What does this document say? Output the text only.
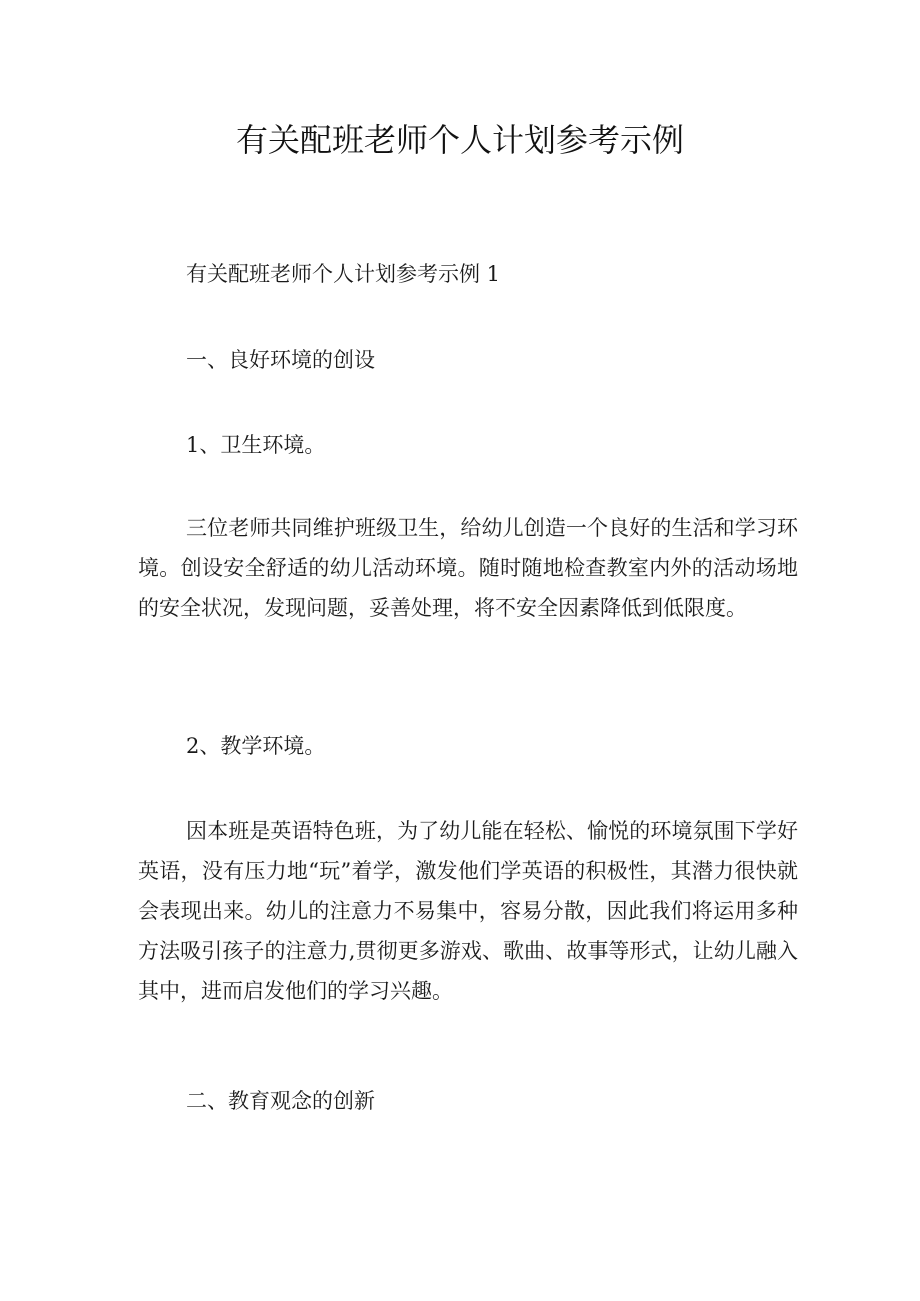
有关配班老师个人计划参考示例

有关配班老师个人计划参考示例 1

一、良好环境的创设

1、卫生环境。

三位老师共同维护班级卫生，给幼儿创造一个良好的生活和学习环境。创设安全舒适的幼儿活动环境。随时随地检查教室内外的活动场地的安全状况，发现问题，妥善处理，将不安全因素降低到低限度。

2、教学环境。

因本班是英语特色班，为了幼儿能在轻松、愉悦的环境氛围下学好英语，没有压力地“玩”着学，激发他们学英语的积极性，其潜力很快就会表现出来。幼儿的注意力不易集中，容易分散，因此我们将运用多种方法吸引孩子的注意力,贯彻更多游戏、歌曲、故事等形式，让幼儿融入其中，进而启发他们的学习兴趣。

二、教育观念的创新
